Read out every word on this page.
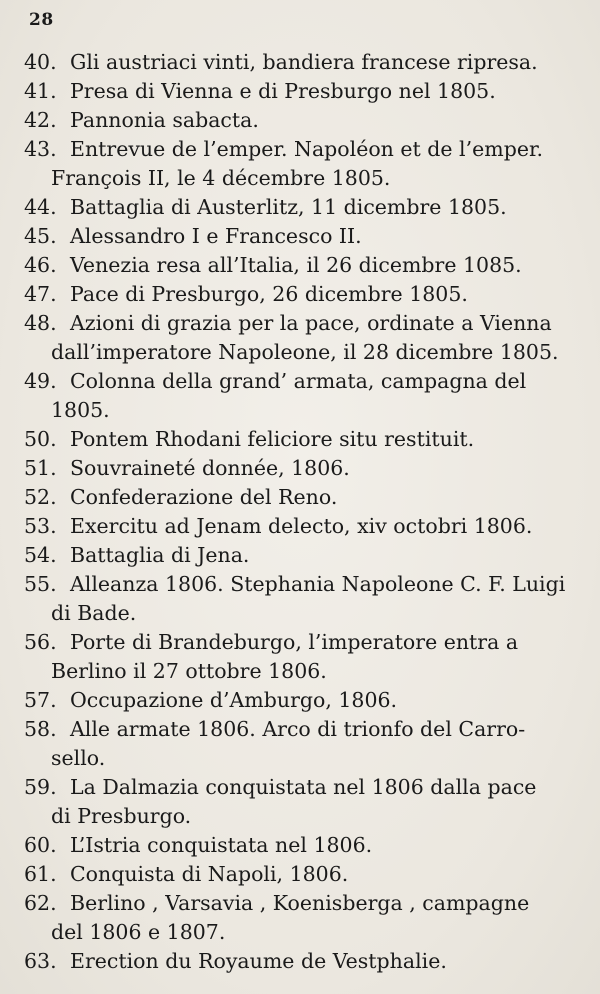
28
40. Gli austriaci vinti, bandiera francese ripresa.
41. Presa di Vienna e di Presburgo nel 1805.
42. Pannonia sabacta.
43. Entrevue de l’emper. Napoléon et de l’emper.
François II, le 4 décembre 1805.
44. Battaglia di Austerlitz, 11 dicembre 1805.
45. Alessandro I e Francesco II.
46. Venezia resa all’Italia, il 26 dicembre 1085.
47. Pace di Presburgo, 26 dicembre 1805.
48. Azioni di grazia per la pace, ordinate a Vienna
dall’imperatore Napoleone, il 28 dicembre 1805.
49. Colonna della grand’ armata, campagna del
1805.
50. Pontem Rhodani feliciore situ restituit.
51. Souvraineté donnée, 1806.
52. Confederazione del Reno.
53. Exercitu ad Jenam delecto, xiv octobri 1806.
54. Battaglia di Jena.
55. Alleanza 1806. Stephania Napoleone C. F. Luigi
di Bade.
56. Porte di Brandeburgo, l’imperatore entra a
Berlino il 27 ottobre 1806.
57. Occupazione d’Amburgo, 1806.
58. Alle armate 1806. Arco di trionfo del Carro-
sello.
59. La Dalmazia conquistata nel 1806 dalla pace
di Presburgo.
60. L’Istria conquistata nel 1806.
61. Conquista di Napoli, 1806.
62. Berlino , Varsavia , Koenisberga , campagne
del 1806 e 1807.
63. Erection du Royaume de Vestphalie.
